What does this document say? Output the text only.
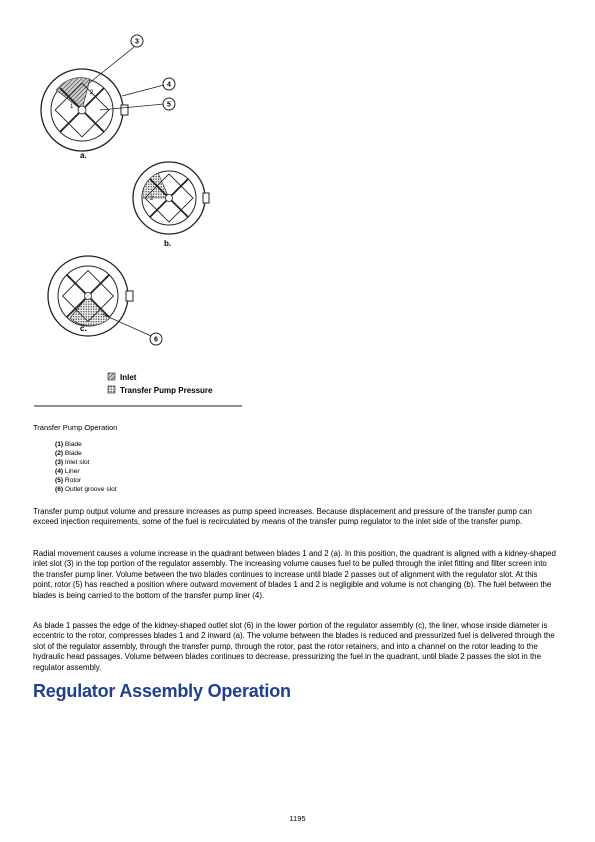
1
2
a.
3
4
5
2
b.
c.
6
Inlet
Transfer Pump Pressure
Transfer Pump Operation
(1) Blade
(2) Blade
(3) Inlet slot
(4) Liner
(5) Rotor
(6) Outlet groove slot

Transfer pump output volume and pressure increases as pump speed increases. Because displacement and pressure of the transfer pump can exceed injection requirements, some of the fuel is recirculated by means of the transfer pump regulator to the inlet side of the transfer pump.

Radial movement causes a volume increase in the quadrant between blades 1 and 2 (a). In this position, the quadrant is aligned with a kidney-shaped inlet slot (3) in the top portion of the regulator assembly. The increasing volume causes fuel to be pulled through the inlet fitting and filter screen into the transfer pump liner. Volume between the two blades continues to increase until blade 2 passes out of alignment with the regulator slot. At this point, rotor (5) has reached a position where outward movement of blades 1 and 2 is negligible and volume is not changing (b). The fuel between the blades is being carried to the bottom of the transfer pump liner (4).

As blade 1 passes the edge of the kidney-shaped outlet slot (6) in the lower portion of the regulator assembly (c), the liner, whose inside diameter is eccentric to the rotor, compresses blades 1 and 2 inward (a). The volume between the blades is reduced and pressurized fuel is delivered through the slot of the regulator assembly, through the transfer pump, through the rotor, past the rotor retainers, and into a channel on the rotor leading to the hydraulic head passages. Volume between blades continues to decrease, pressurizing the fuel in the quadrant, until blade 2 passes the slot in the regulator assembly.

Regulator Assembly Operation
1195
